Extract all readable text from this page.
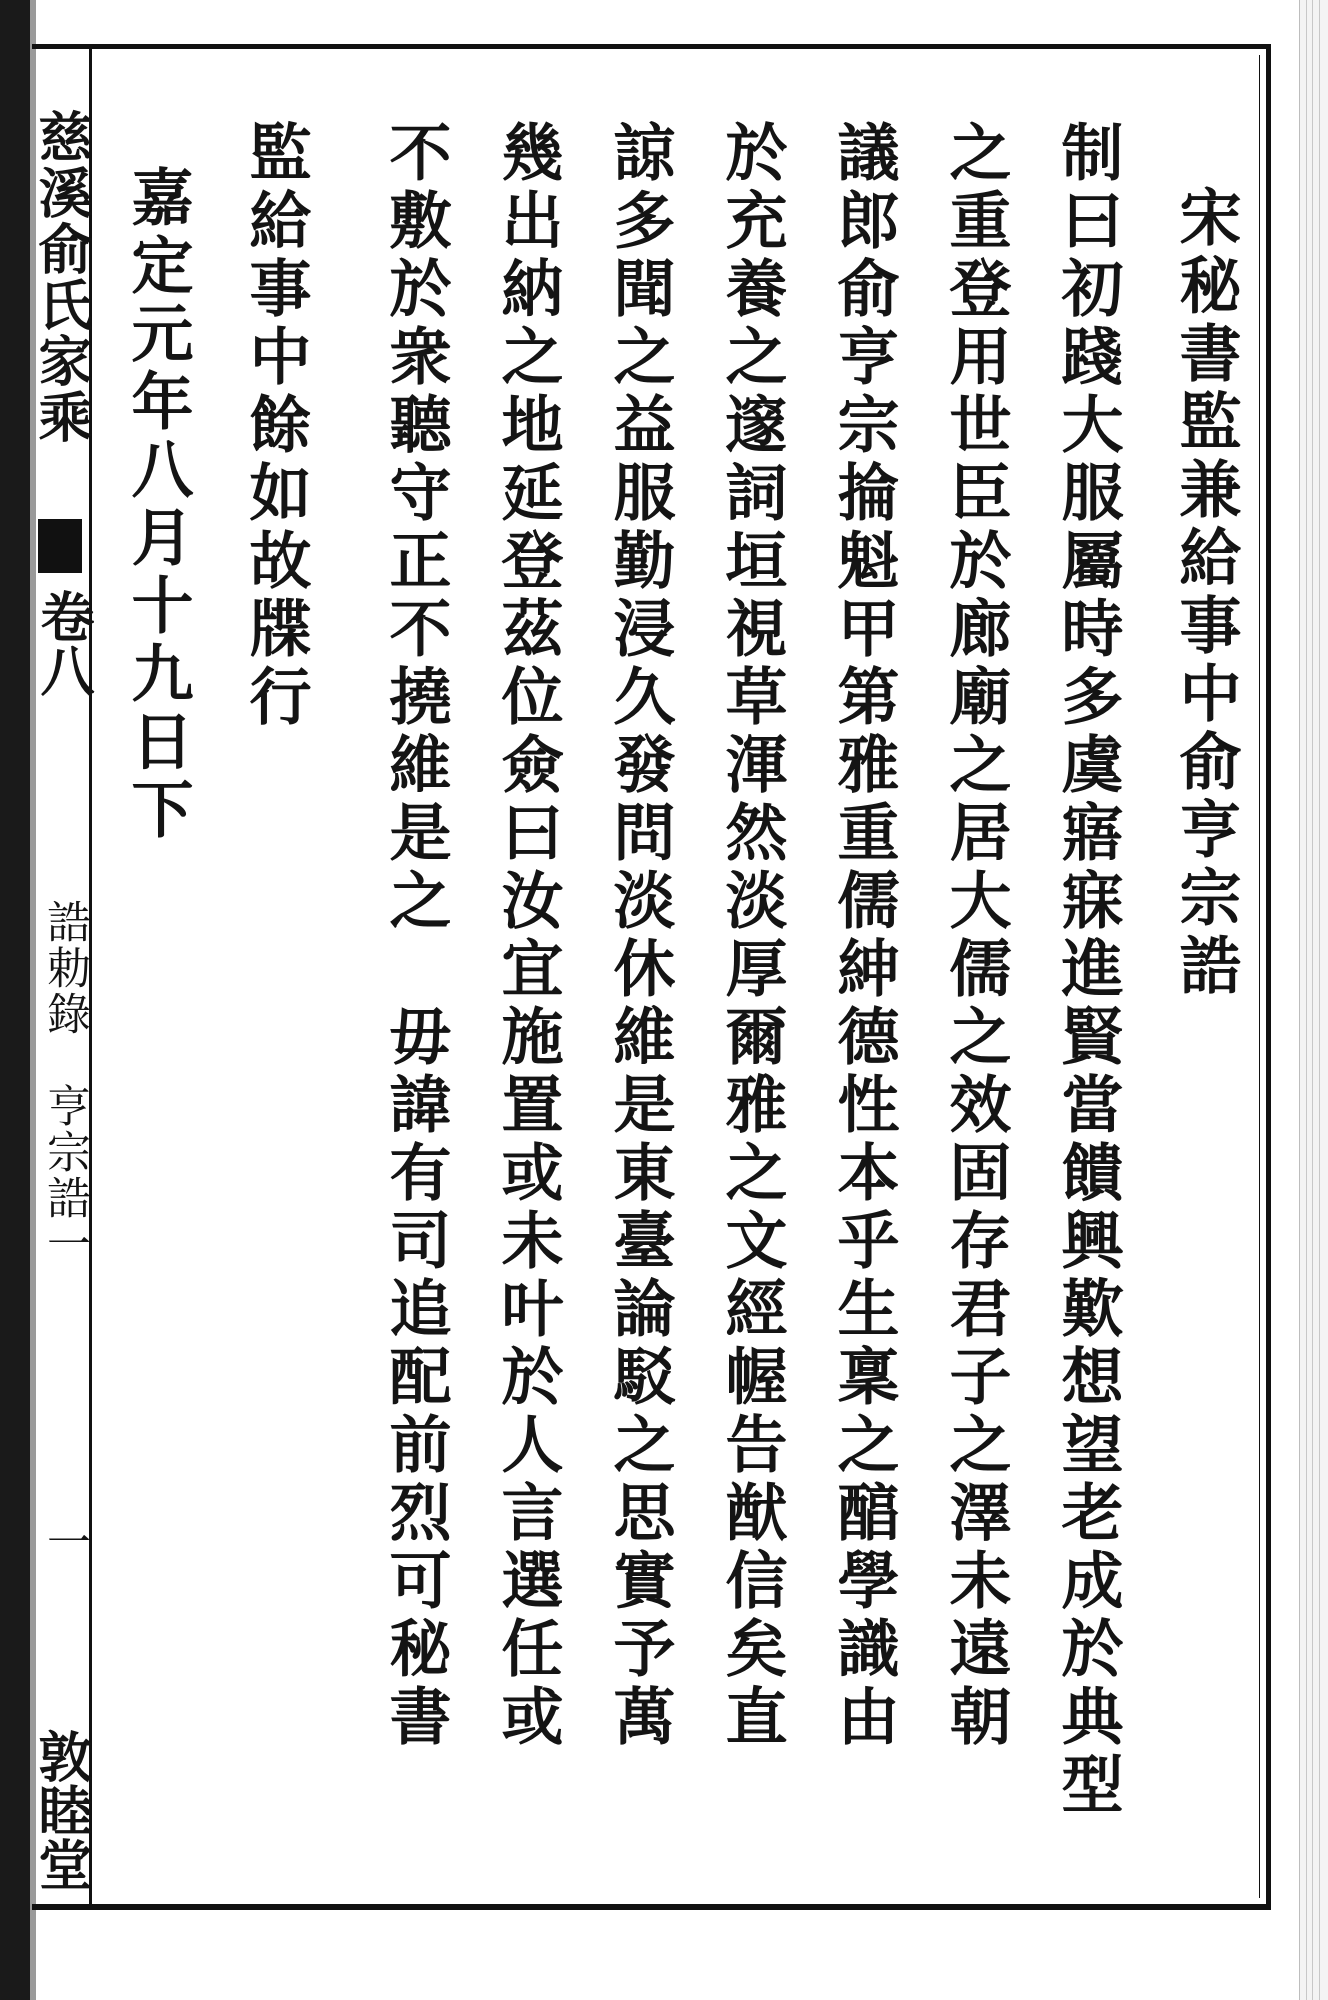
慈溪俞氏家乘
卷八
誥勅錄　亨宗誥一
一
敦睦堂
宋秘書監兼給事中俞亨宗誥
制曰初踐大服屬時多虞寤寐進賢當饋興歎想望老成於典型
之重登用世臣於廊廟之居大儒之效固存君子之澤未遠朝
議郎俞亨宗掄魁甲第雅重儒紳德性本乎生稟之醕學識由
於充養之邃詞垣視草渾然淡厚爾雅之文經幄告猷信矣直
諒多聞之益服勤浸久發問淡休維是東臺論駁之思實予萬
幾出納之地延登茲位僉曰汝宜施置或未叶於人言選任或
不敷於衆聽守正不撓維是之　毋諱有司追配前烈可秘書
監給事中餘如故牒行
嘉定元年八月十九日下
